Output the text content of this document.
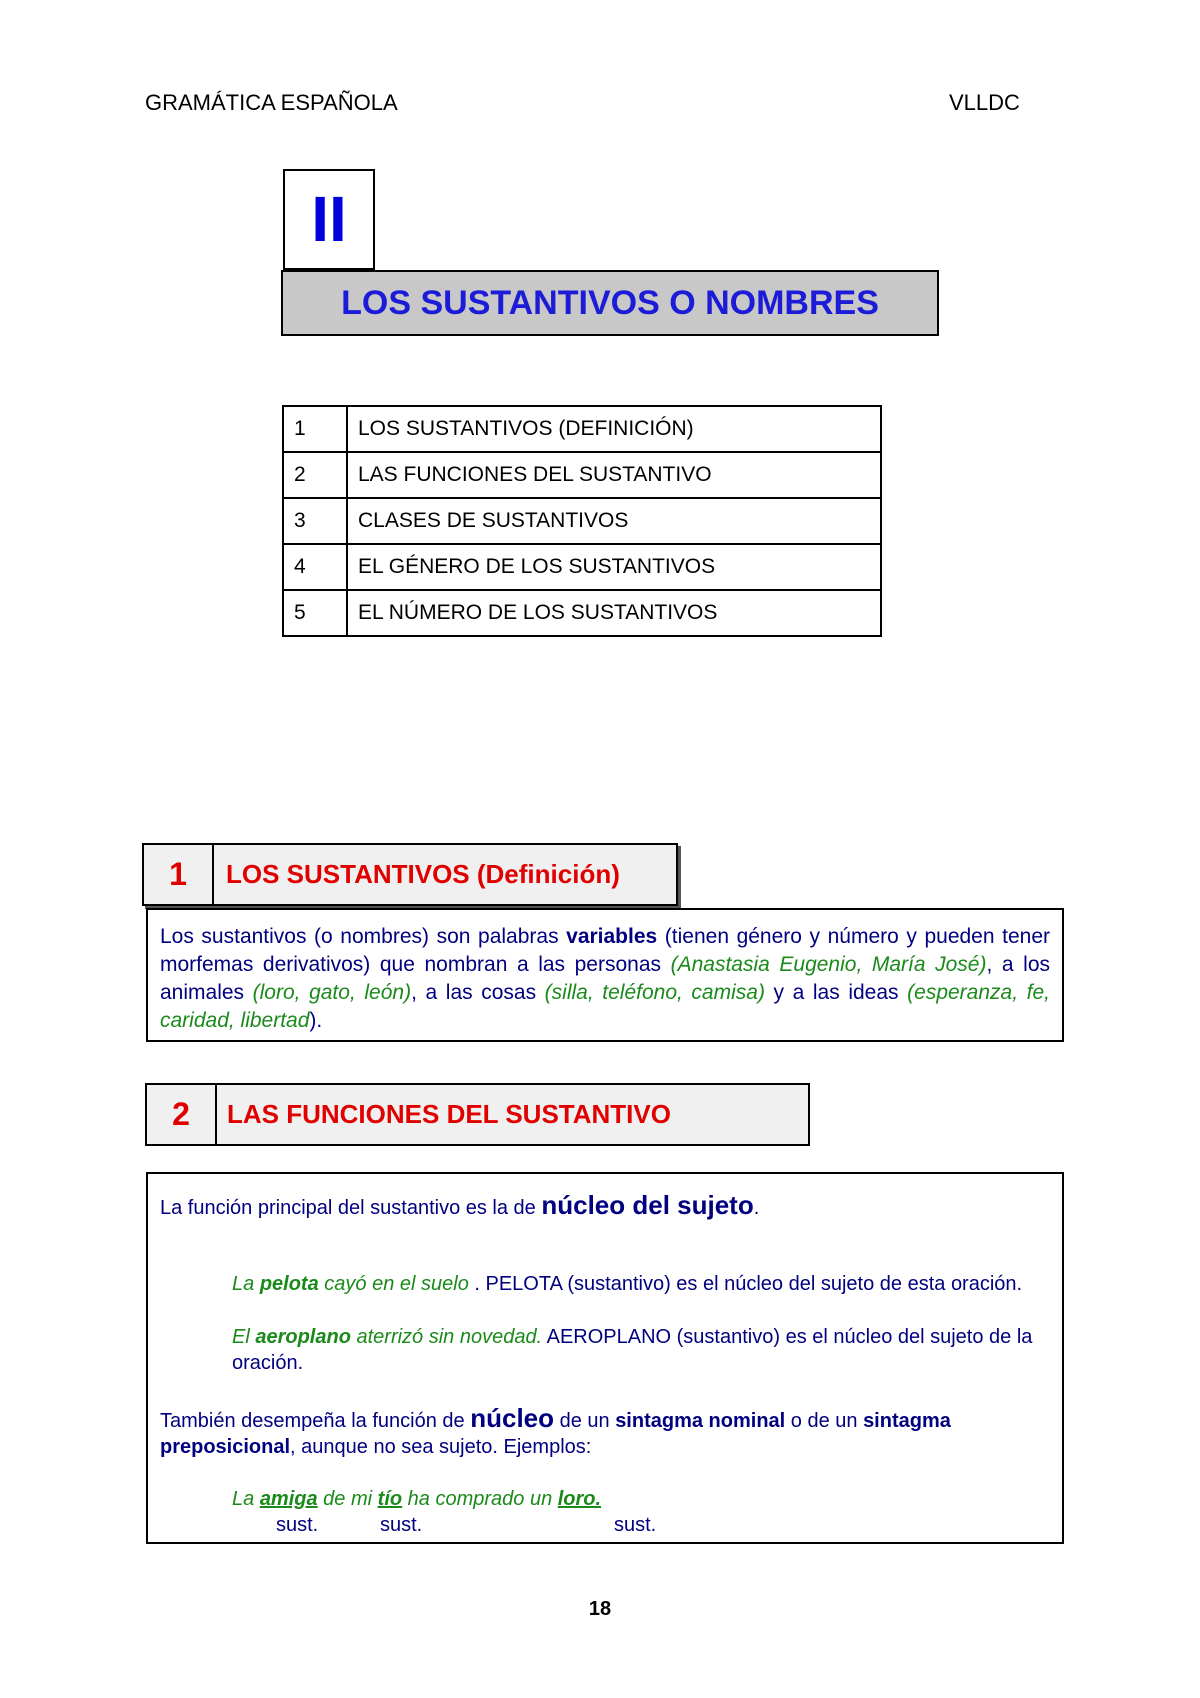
GRAMÁTICA ESPAÑOLA	VLLDC
II
LOS SUSTANTIVOS O NOMBRES
1	LOS SUSTANTIVOS (DEFINICIÓN)
2	LAS FUNCIONES DEL SUSTANTIVO
3	CLASES DE SUSTANTIVOS
4	EL GÉNERO DE LOS SUSTANTIVOS
5	EL NÚMERO DE LOS SUSTANTIVOS
1	LOS SUSTANTIVOS (Definición)
Los sustantivos (o nombres) son palabras variables (tienen género y número y pueden tener morfemas derivativos) que nombran a las personas (Anastasia Eugenio, María José), a los animales (loro, gato, león), a las cosas (silla, teléfono, camisa) y a las ideas (esperanza, fe, caridad, libertad).
2	LAS FUNCIONES DEL SUSTANTIVO
La función principal del sustantivo es la de núcleo del sujeto.
La pelota cayó en el suelo . PELOTA (sustantivo) es el núcleo del sujeto de esta oración.
El aeroplano aterrizó sin novedad. AEROPLANO (sustantivo) es el núcleo del sujeto de la oración.
También desempeña la función de núcleo de un sintagma nominal o de un sintagma preposicional, aunque no sea sujeto. Ejemplos:
La amiga de mi tío ha comprado un loro.
sust.	sust.	sust.
18
